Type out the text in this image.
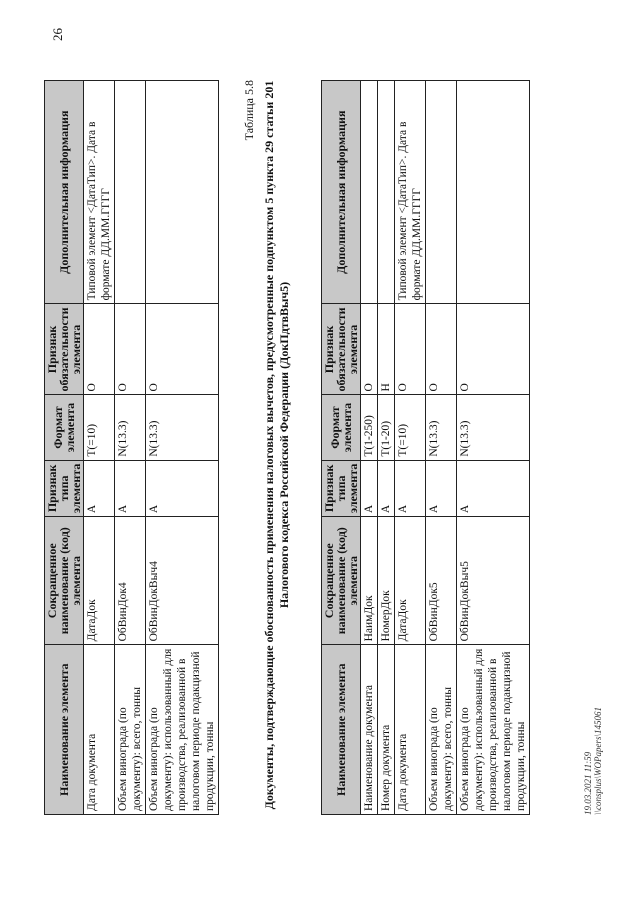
26
Наименование элемента	Сокращенное наименование (код) элемента	Признак типа элемента	Формат элемента	Признак обязательности элемента	Дополнительная информация
Дата документа	ДатаДок	А	T(=10)	О	Типовой элемент <ДатаТип>. Дата в формате ДД.ММ.ГГГГ
Объем винограда (по документу): всего, тонны	ОбВинДок4	А	N(13.3)	О	
Объем винограда (по документу): использованный для производства, реализованной в налоговом периоде подакцизной продукции, тонны	ОбВинДокВыч4	А	N(13.3)	О	
Таблица 5.8 Документы, подтверждающие обоснованность применения налоговых вычетов, предусмотренные подпунктом 5 пункта 29 статьи 201 Налогового кодекса Российской Федерации (ДокПдтвВыч5)
Наименование элемента	Сокращенное наименование (код) элемента	Признак типа элемента	Формат элемента	Признак обязательности элемента	Дополнительная информация
Наименование документа	НаимДок	А	T(1-250)	О	
Номер документа	НомерДок	А	T(1-20)	Н	
Дата документа	ДатаДок	А	T(=10)	О	Типовой элемент <ДатаТип>. Дата в формате ДД.ММ.ГГГГ
Объем винограда (по документу): всего, тонны	ОбВинДок5	А	N(13.3)	О	
Объем винограда (по документу): использованный для производства, реализованной в налоговом периоде подакцизной продукции, тонны	ОбВинДокВыч5	А	N(13.3)	О	
19.03.2021 11:59 \\consplus\WOPapers\145061
